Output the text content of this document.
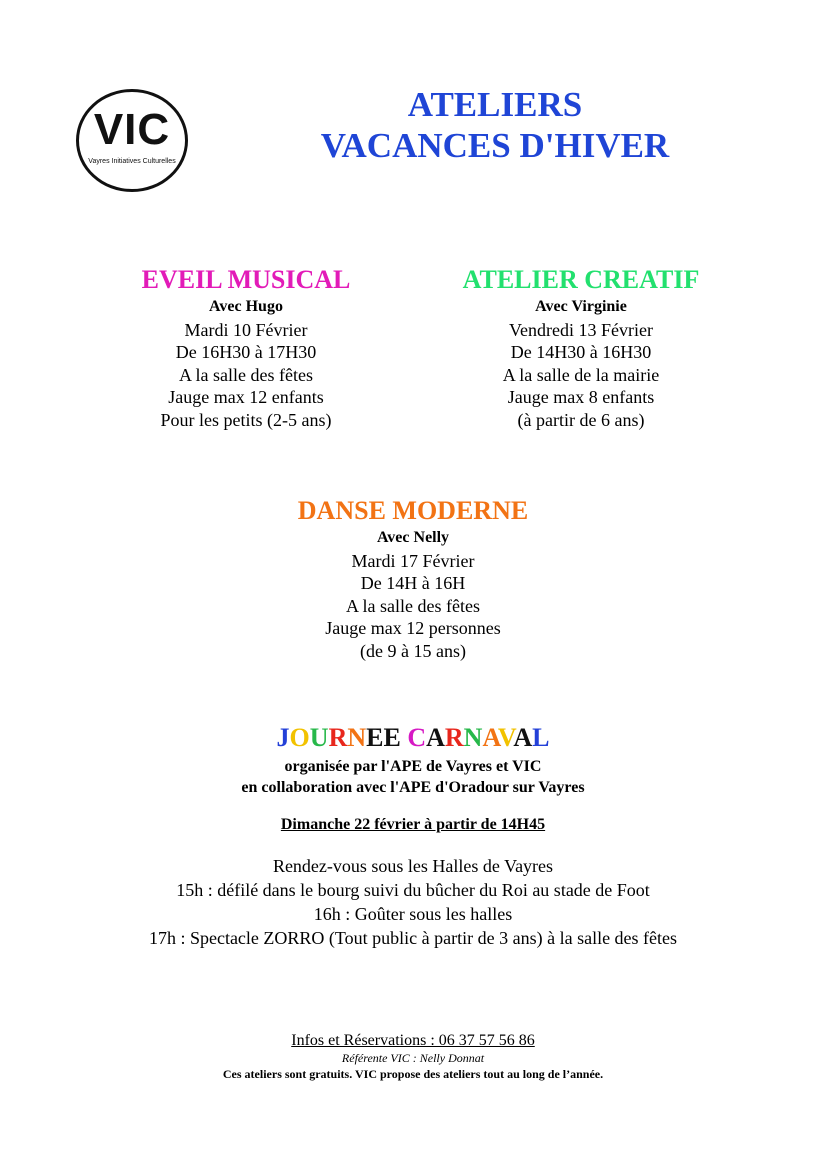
VIC
Vayres Initiatives Culturelles
ATELIERS
VACANCES D'HIVER
EVEIL MUSICAL
Avec Hugo
Mardi 10 Février
De 16H30 à 17H30
A la salle des fêtes
Jauge max 12 enfants
Pour les petits (2-5 ans)
ATELIER CREATIF
Avec Virginie
Vendredi 13 Février
De 14H30 à 16H30
A la salle de la mairie
Jauge max 8 enfants
(à partir de 6 ans)
DANSE MODERNE
Avec Nelly
Mardi 17 Février
De 14H à 16H
A la salle des fêtes
Jauge max 12 personnes
(de 9 à 15 ans)
JOURNEE CARNAVAL
organisée par l'APE de Vayres et VIC
en collaboration avec l'APE d'Oradour sur Vayres
Dimanche 22 février à partir de 14H45
Rendez-vous sous les Halles de Vayres
15h : défilé dans le bourg suivi du bûcher du Roi au stade de Foot
16h : Goûter sous les halles
17h : Spectacle ZORRO (Tout public à partir de 3 ans) à la salle des fêtes
Infos et Réservations : 06 37 57 56 86
Référente VIC : Nelly Donnat
Ces ateliers sont gratuits. VIC propose des ateliers tout au long de l’année.
